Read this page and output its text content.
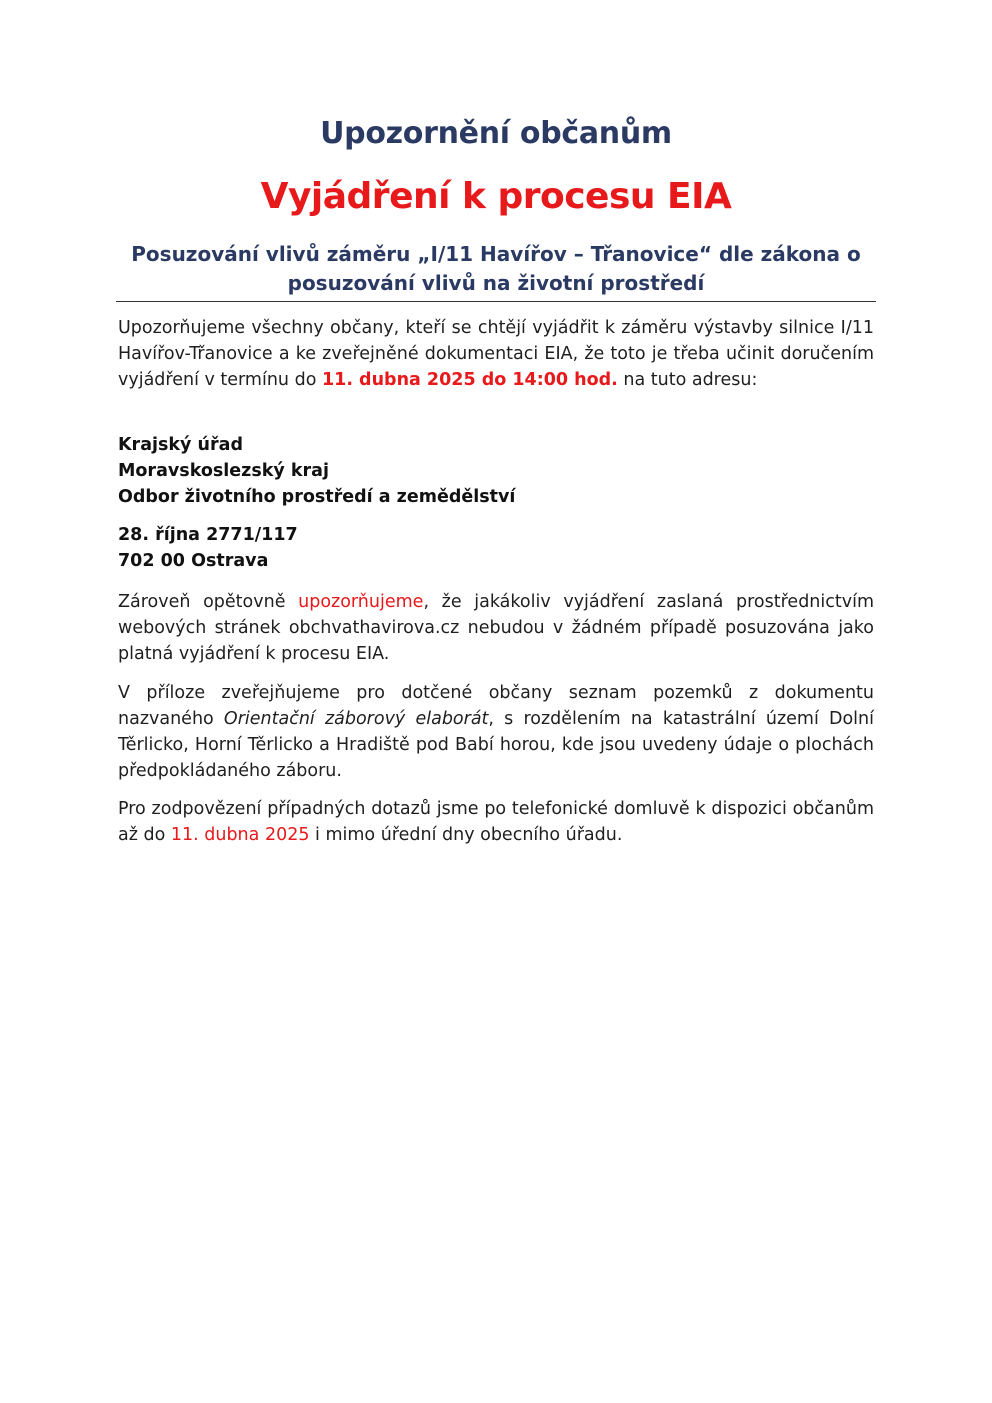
Upozornění občanům
Vyjádření k procesu EIA
Posuzování vlivů záměru „I/11 Havířov – Třanovice“ dle zákona o
posuzování vlivů na životní prostředí
Upozorňujeme všechny občany, kteří se chtějí vyjádřit k záměru výstavby silnice I/11 Havířov-Třanovice a ke zveřejněné dokumentaci EIA, že toto je třeba učinit doručením vyjádření v termínu do 11. dubna 2025 do 14:00 hod. na tuto adresu:
Krajský úřad
Moravskoslezský kraj
Odbor životního prostředí a zemědělství
28. října 2771/117
702 00 Ostrava
Zároveň opětovně upozorňujeme, že jakákoliv vyjádření zaslaná prostřednictvím webových stránek obchvathavirova.cz nebudou v žádném případě posuzována jako platná vyjádření k procesu EIA.
V příloze zveřejňujeme pro dotčené občany seznam pozemků z dokumentu nazvaného Orientační záborový elaborát, s rozdělením na katastrální území Dolní Těrlicko, Horní Těrlicko a Hradiště pod Babí horou, kde jsou uvedeny údaje o plochách předpokládaného záboru.
Pro zodpovězení případných dotazů jsme po telefonické domluvě k dispozici občanům až do 11. dubna 2025 i mimo úřední dny obecního úřadu.
